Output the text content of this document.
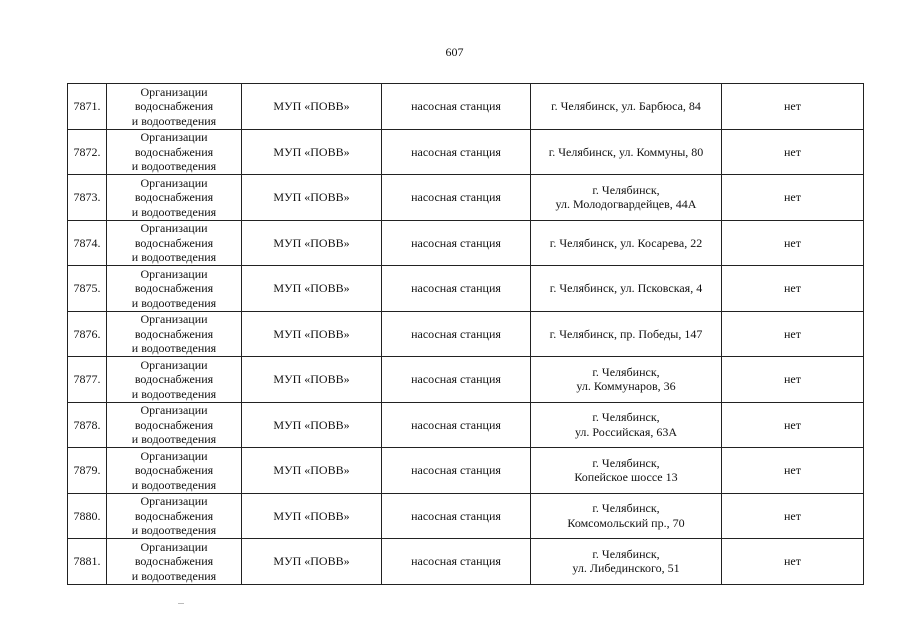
607
7871.	Организации
водоснабжения
и водоотведения	МУП «ПОВВ»	насосная станция	г. Челябинск, ул. Барбюса, 84	нет
7872.	Организации
водоснабжения
и водоотведения	МУП «ПОВВ»	насосная станция	г. Челябинск, ул. Коммуны, 80	нет
7873.	Организации
водоснабжения
и водоотведения	МУП «ПОВВ»	насосная станция	г. Челябинск,
ул. Молодогвардейцев, 44А	нет
7874.	Организации
водоснабжения
и водоотведения	МУП «ПОВВ»	насосная станция	г. Челябинск, ул. Косарева, 22	нет
7875.	Организации
водоснабжения
и водоотведения	МУП «ПОВВ»	насосная станция	г. Челябинск, ул. Псковская, 4	нет
7876.	Организации
водоснабжения
и водоотведения	МУП «ПОВВ»	насосная станция	г. Челябинск, пр. Победы, 147	нет
7877.	Организации
водоснабжения
и водоотведения	МУП «ПОВВ»	насосная станция	г. Челябинск,
ул. Коммунаров, 36	нет
7878.	Организации
водоснабжения
и водоотведения	МУП «ПОВВ»	насосная станция	г. Челябинск,
ул. Российская, 63А	нет
7879.	Организации
водоснабжения
и водоотведения	МУП «ПОВВ»	насосная станция	г. Челябинск,
Копейское шоссе 13	нет
7880.	Организации
водоснабжения
и водоотведения	МУП «ПОВВ»	насосная станция	г. Челябинск,
Комсомольский пр., 70	нет
7881.	Организации
водоснабжения
и водоотведения	МУП «ПОВВ»	насосная станция	г. Челябинск,
ул. Либединского, 51	нет
